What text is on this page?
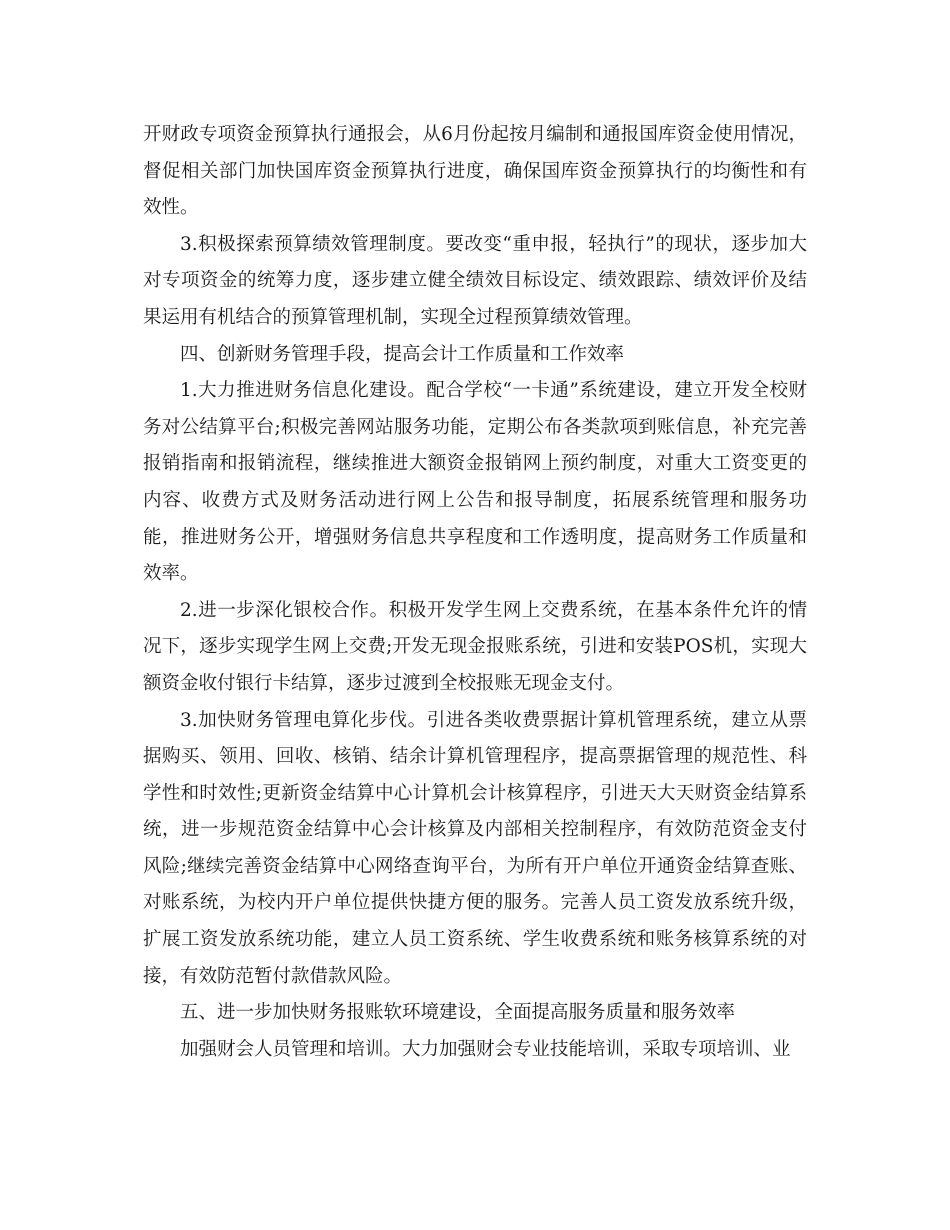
开财政专项资金预算执行通报会，从6月份起按月编制和通报国库资金使用情况，督促相关部门加快国库资金预算执行进度，确保国库资金预算执行的均衡性和有效性。

3.积极探索预算绩效管理制度。要改变“重申报，轻执行”的现状，逐步加大对专项资金的统筹力度，逐步建立健全绩效目标设定、绩效跟踪、绩效评价及结果运用有机结合的预算管理机制，实现全过程预算绩效管理。

四、创新财务管理手段，提高会计工作质量和工作效率

1.大力推进财务信息化建设。配合学校“一卡通”系统建设，建立开发全校财务对公结算平台;积极完善网站服务功能，定期公布各类款项到账信息，补充完善报销指南和报销流程，继续推进大额资金报销网上预约制度，对重大工资变更的内容、收费方式及财务活动进行网上公告和报导制度，拓展系统管理和服务功能，推进财务公开，增强财务信息共享程度和工作透明度，提高财务工作质量和效率。

2.进一步深化银校合作。积极开发学生网上交费系统，在基本条件允许的情况下，逐步实现学生网上交费;开发无现金报账系统，引进和安装POS机，实现大额资金收付银行卡结算，逐步过渡到全校报账无现金支付。

3.加快财务管理电算化步伐。引进各类收费票据计算机管理系统，建立从票据购买、领用、回收、核销、结余计算机管理程序，提高票据管理的规范性、科学性和时效性;更新资金结算中心计算机会计核算程序，引进天大天财资金结算系统，进一步规范资金结算中心会计核算及内部相关控制程序，有效防范资金支付风险;继续完善资金结算中心网络查询平台，为所有开户单位开通资金结算查账、对账系统，为校内开户单位提供快捷方便的服务。完善人员工资发放系统升级，扩展工资发放系统功能，建立人员工资系统、学生收费系统和账务核算系统的对接，有效防范暂付款借款风险。

五、进一步加快财务报账软环境建设，全面提高服务质量和服务效率

加强财会人员管理和培训。大力加强财会专业技能培训，采取专项培训、业
